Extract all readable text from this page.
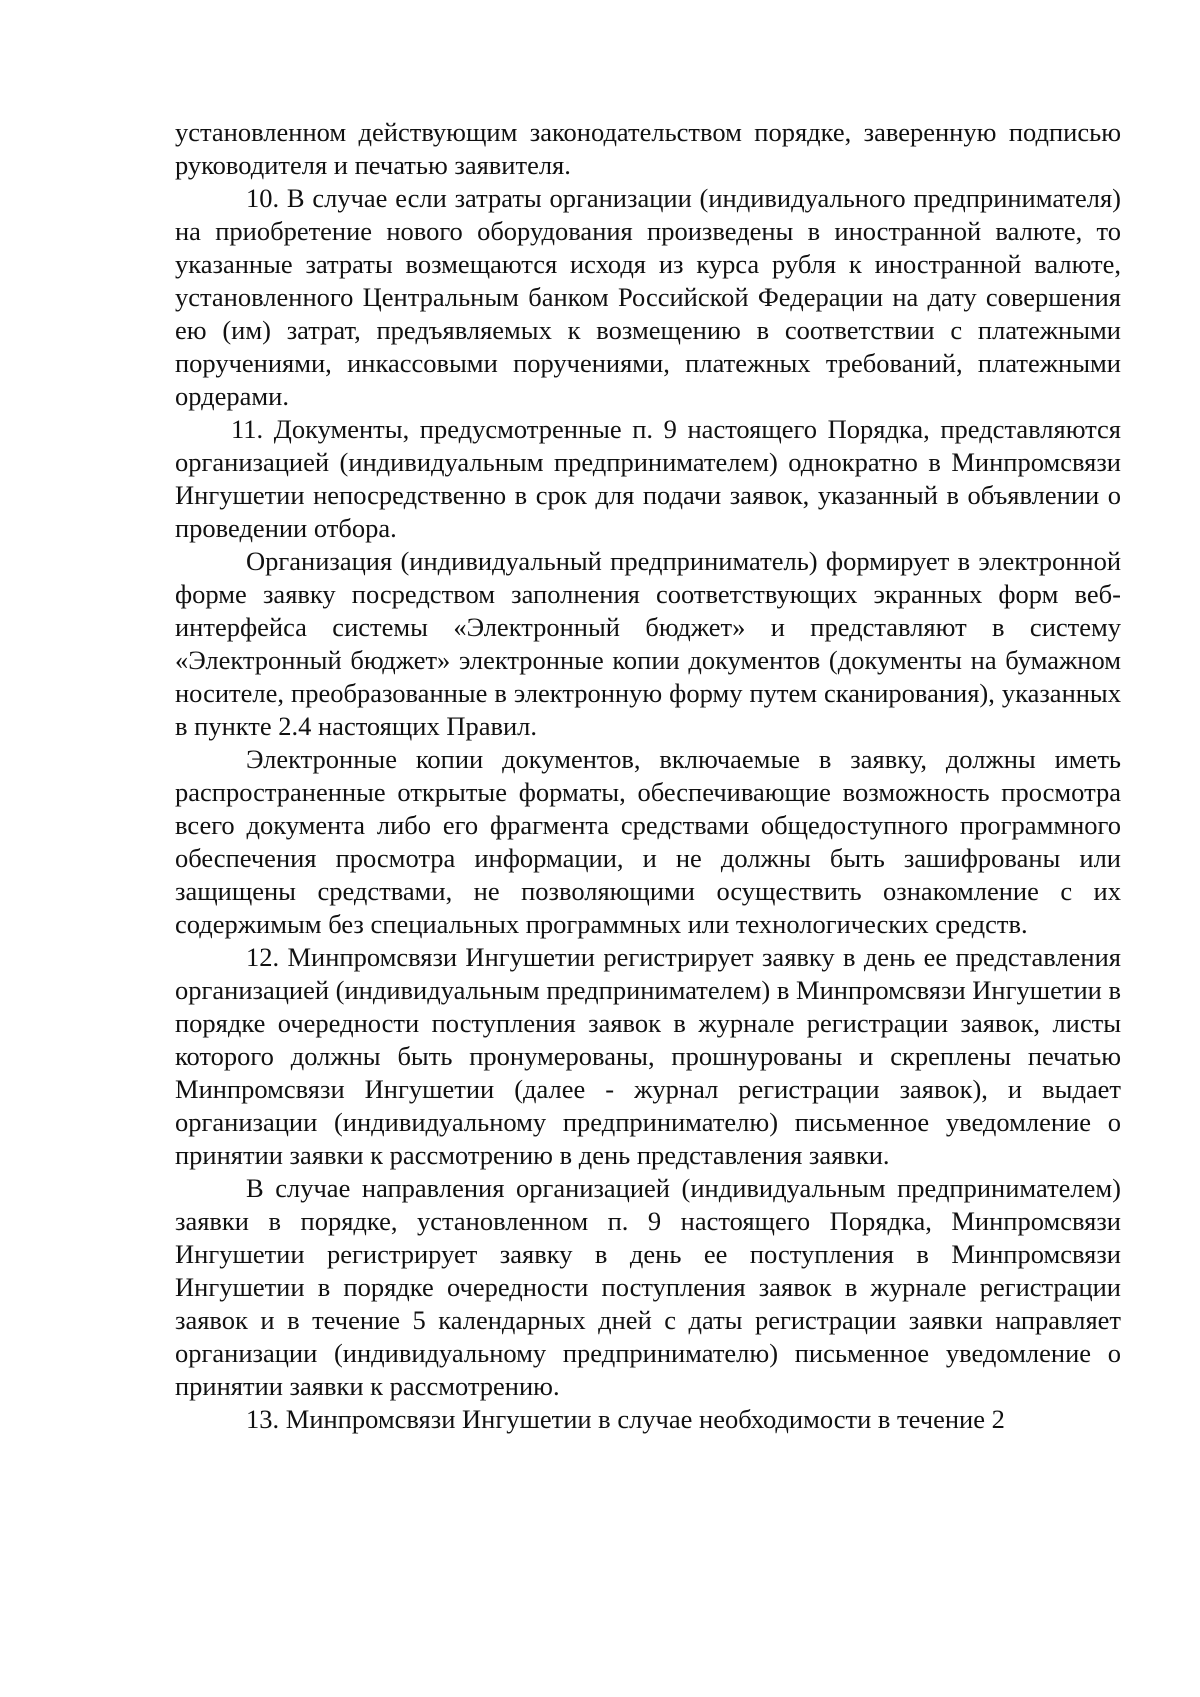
установленном действующим законодательством порядке, заверенную подписью руководителя и печатью заявителя.

10. В случае если затраты организации (индивидуального предпринимателя) на приобретение нового оборудования произведены в иностранной валюте, то указанные затраты возмещаются исходя из курса рубля к иностранной валюте, установленного Центральным банком Российской Федерации на дату совершения ею (им) затрат, предъявляемых к возмещению в соответствии с платежными поручениями, инкассовыми поручениями, платежных требований, платежными ордерами.

11. Документы, предусмотренные п. 9 настоящего Порядка, представляются организацией (индивидуальным предпринимателем) однократно в Минпромсвязи Ингушетии непосредственно в срок для подачи заявок, указанный в объявлении о проведении отбора.

Организация (индивидуальный предприниматель) формирует в электронной форме заявку посредством заполнения соответствующих экранных форм веб-интерфейса системы «Электронный бюджет» и представляют в систему «Электронный бюджет» электронные копии документов (документы на бумажном носителе, преобразованные в электронную форму путем сканирования), указанных в пункте 2.4 настоящих Правил.

Электронные копии документов, включаемые в заявку, должны иметь распространенные открытые форматы, обеспечивающие возможность просмотра всего документа либо его фрагмента средствами общедоступного программного обеспечения просмотра информации, и не должны быть зашифрованы или защищены средствами, не позволяющими осуществить ознакомление с их содержимым без специальных программных или технологических средств.

12. Минпромсвязи Ингушетии регистрирует заявку в день ее представления организацией (индивидуальным предпринимателем) в Минпромсвязи Ингушетии в порядке очередности поступления заявок в журнале регистрации заявок, листы которого должны быть пронумерованы, прошнурованы и скреплены печатью Минпромсвязи Ингушетии (далее - журнал регистрации заявок), и выдает организации (индивидуальному предпринимателю) письменное уведомление о принятии заявки к рассмотрению в день представления заявки.

В случае направления организацией (индивидуальным предпринимателем) заявки в порядке, установленном п. 9 настоящего Порядка, Минпромсвязи Ингушетии регистрирует заявку в день ее поступления в Минпромсвязи Ингушетии в порядке очередности поступления заявок в журнале регистрации заявок и в течение 5 календарных дней с даты регистрации заявки направляет организации (индивидуальному предпринимателю) письменное уведомление о принятии заявки к рассмотрению.

13. Минпромсвязи Ингушетии в случае необходимости в течение 2
